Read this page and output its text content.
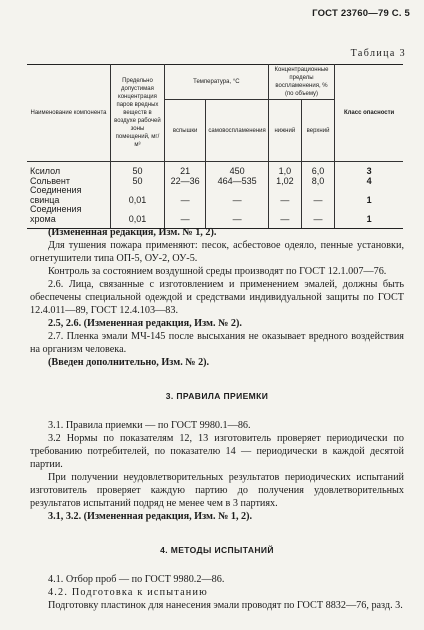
ГОСТ 23760—79 С. 5
Таблица 3
Наименование компонента	Предельно допустимая концентрация паров вредных веществ в воздухе рабочей зоны помещений, мг/м³	Температура, °С		Концентрационные пределы воспламенения, % (по объему)		Класс опасности
		вспышки	самовоспламенения	нижний	верхний	
Ксилол	50	21	450	1,0	6,0	3
Сольвент	50	22—36	464—535	1,02	8,0	4
Соединения						
свинца	0,01	—	—	—	—	1
Соединения						
хрома	0,01	—	—	—	—	1

(Измененная редакция, Изм. № 1, 2).

Для тушения пожара применяют: песок, асбестовое одеяло, пенные установки, огнетушители типа ОП-5, ОУ-2, ОУ-5.

Контроль за состоянием воздушной среды производят по ГОСТ 12.1.007—76.

2.6. Лица, связанные с изготовлением и применением эмалей, должны быть обеспечены специальной одеждой и средствами индивидуальной защиты по ГОСТ 12.4.011—89, ГОСТ 12.4.103—83.

2.5, 2.6. (Измененная редакция, Изм. № 2).

2.7. Пленка эмали МЧ-145 после высыхания не оказывает вредного воздействия на организм человека.

(Введен дополнительно, Изм. № 2).

3. ПРАВИЛА ПРИЕМКИ

3.1. Правила приемки — по ГОСТ 9980.1—86.

3.2 Нормы по показателям 12, 13 изготовитель проверяет периодически по требованию потребителей, по показателю 14 — периодически в каждой десятой партии.

При получении неудовлетворительных результатов периодических испытаний изготовитель проверяет каждую партию до получения удовлетворительных результатов испытаний подряд не менее чем в 3 партиях.

3.1, 3.2. (Измененная редакция, Изм. № 1, 2).

4. МЕТОДЫ ИСПЫТАНИЙ

4.1. Отбор проб — по ГОСТ 9980.2—86.

4.2. Подготовка к испытанию

Подготовку пластинок для нанесения эмали проводят по ГОСТ 8832—76, разд. 3.
